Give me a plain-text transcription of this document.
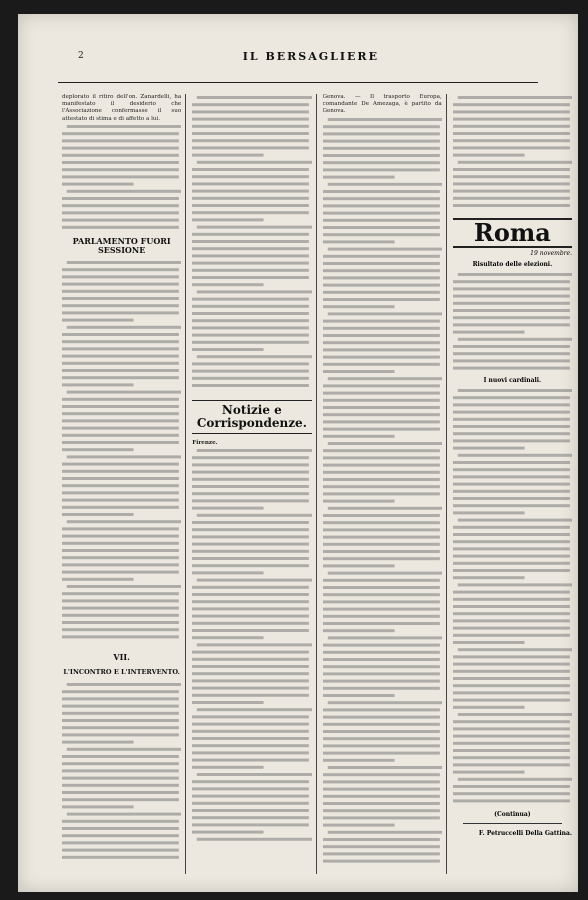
2	IL BERSAGLIERE

deplorato il ritiro dell'on. Zanardelli, ha manifestato il desiderio che l'Associazione confermasse il suo attestato di stima e di affetto a lui.

PARLAMENTO FUORI SESSIONE
VII.
L'INCONTRO E L'INTERVENTO.
Notizie e Corrispondenze.

Firenze.

Genova. — Il trasporto Europa, comandante De Amezaga, è partito da Genova.

Roma
19 novembre.
Risultato delle elezioni.
I nuovi cardinali.
(Continua)
F. Petruccelli Della Gattina.
